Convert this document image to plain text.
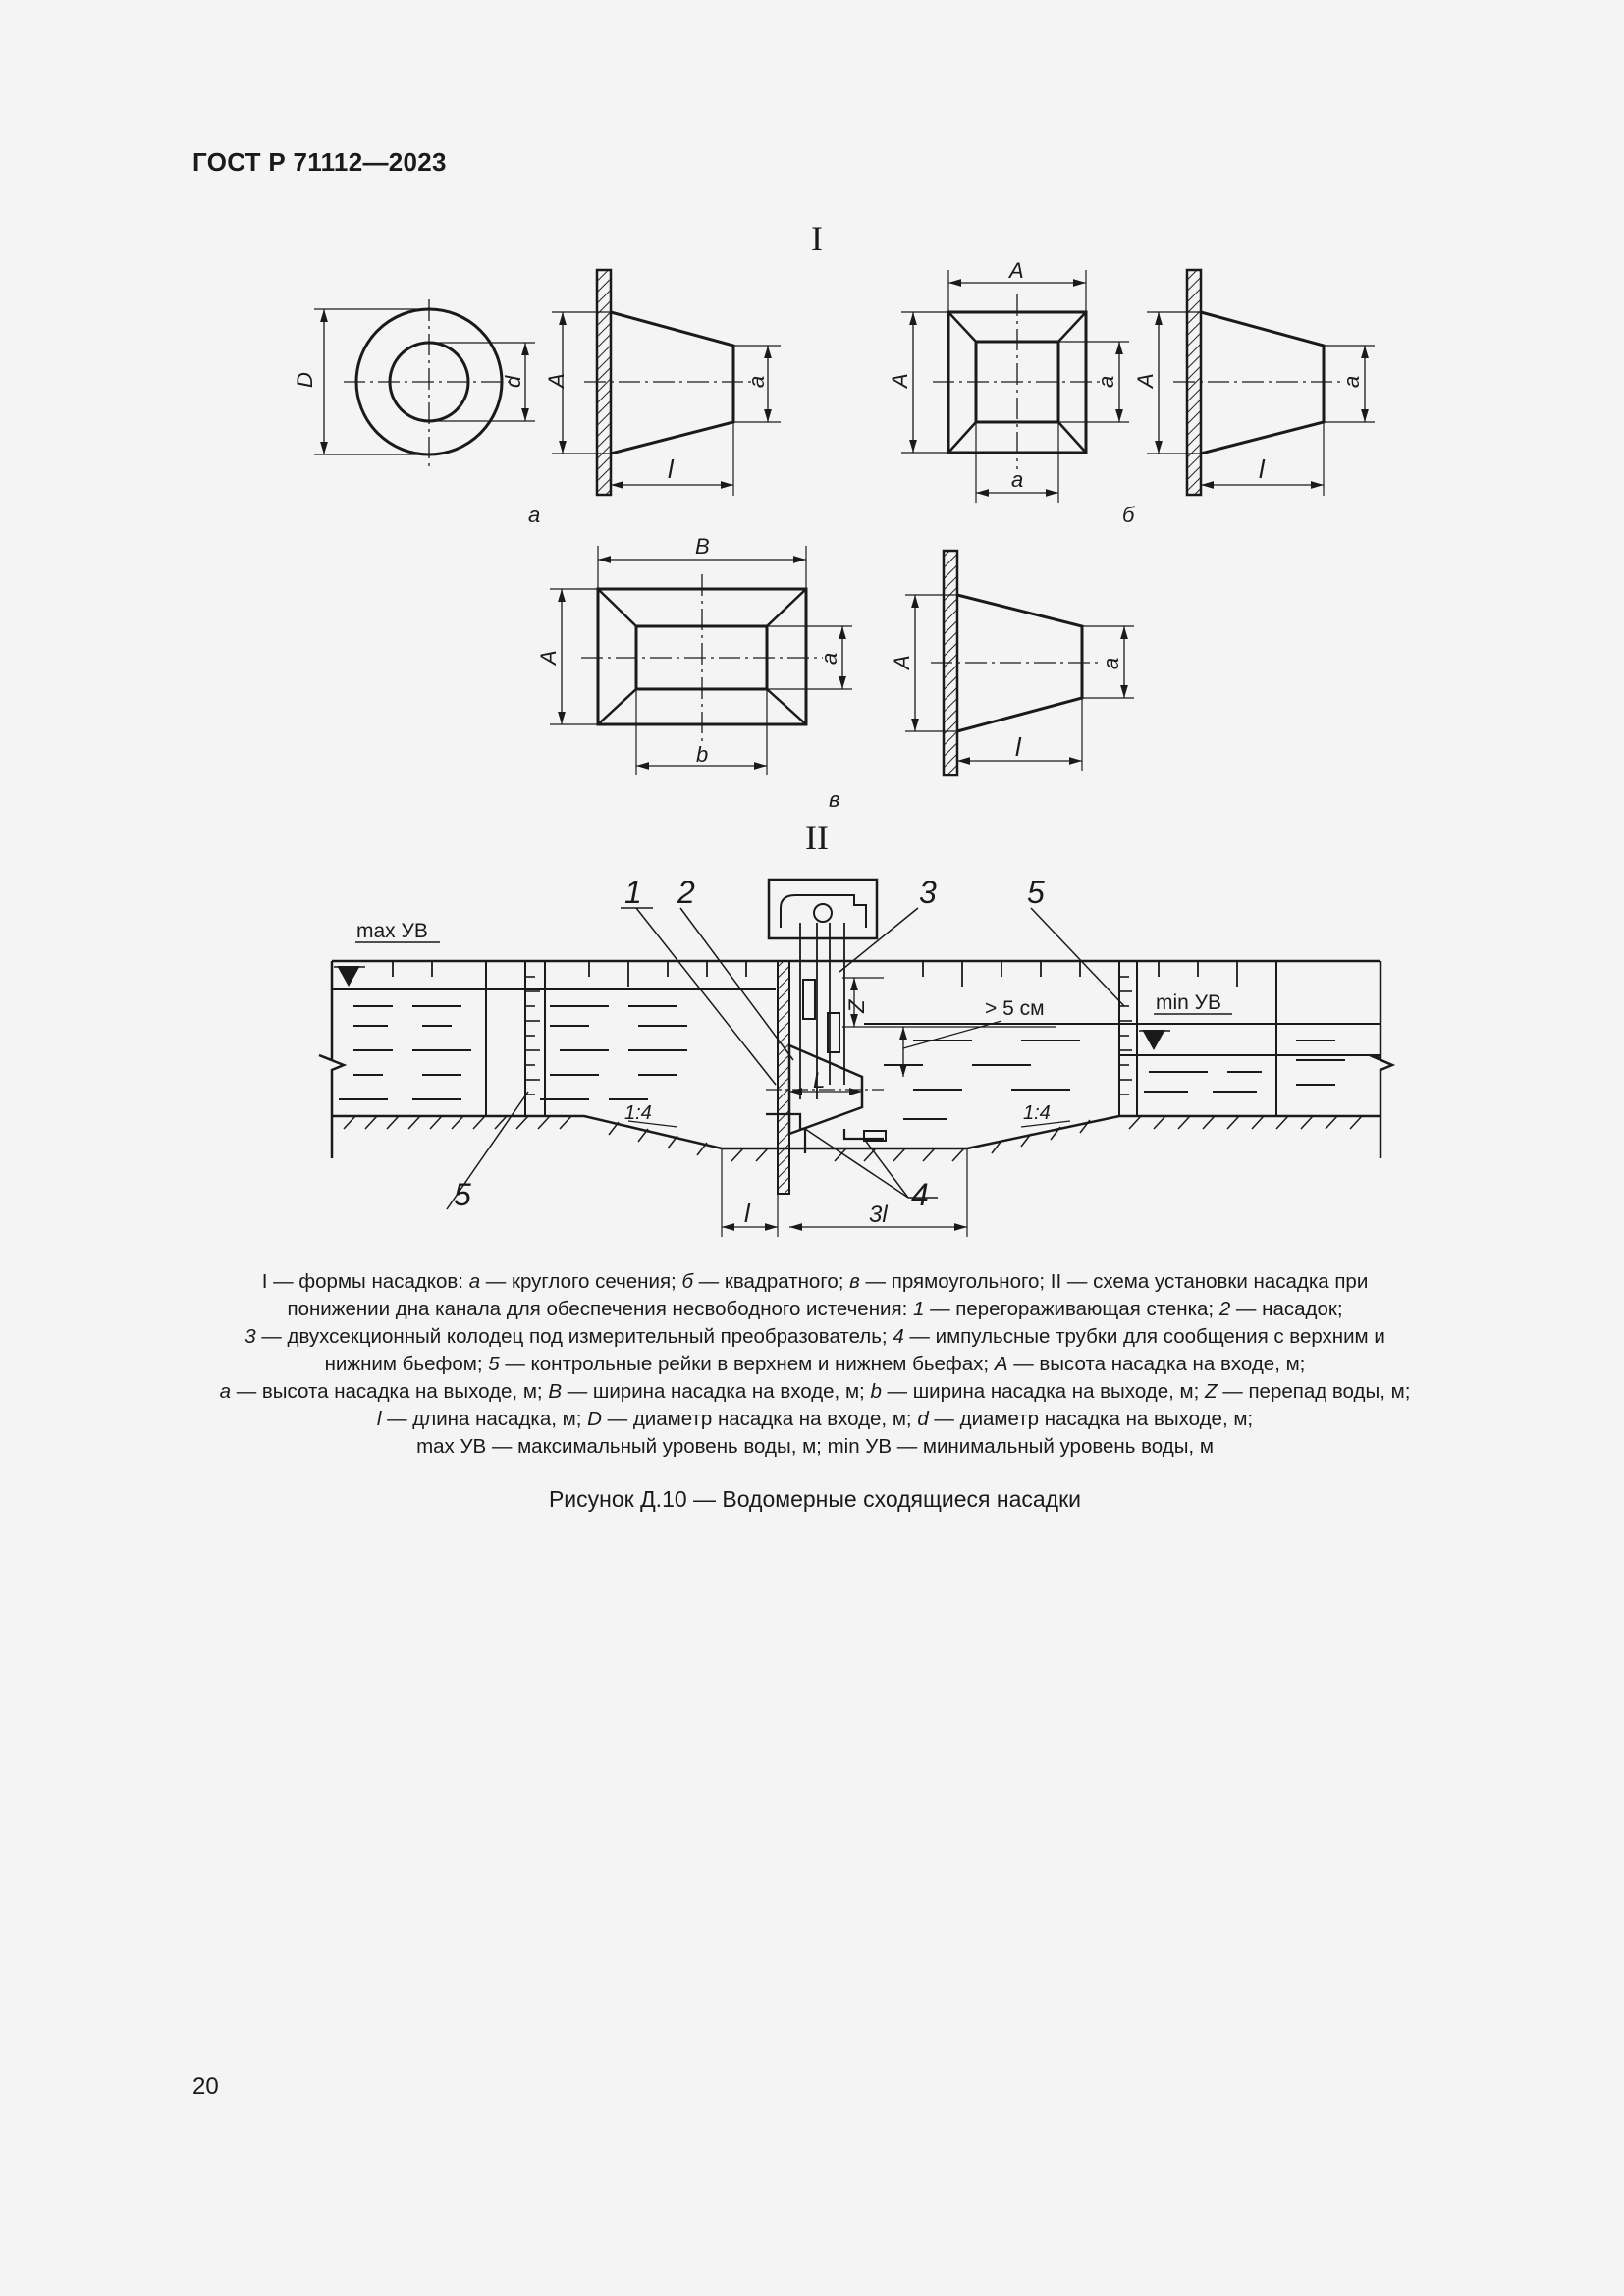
ГОСТ Р 71112—2023
I
II
D	d A	a
l
а
A
A	a
a
A	a
l
б
B
A	a
b
A	a
l
в
L
Z
l	3l
1:4	1:4
max УВ
min УВ
> 5 см
1 2	3	5
5	4
I — формы насадков: а — круглого сечения; б — квадратного; в — прямоугольного; II — схема установки насадка при
понижении дна канала для обеспечения несвободного истечения: 1 — перегораживающая стенка; 2 — насадок;
3 — двухсекционный колодец под измерительный преобразователь; 4 — импульсные трубки для сообщения с верхним и
нижним бьефом; 5 — контрольные рейки в верхнем и нижнем бьефах; A — высота насадка на входе, м;
a — высота насадка на выходе, м; B — ширина насадка на входе, м; b — ширина насадка на выходе, м; Z — перепад воды, м;
l — длина насадка, м; D — диаметр насадка на входе, м; d — диаметр насадка на выходе, м;
max УВ — максимальный уровень воды, м; min УВ — минимальный уровень воды, м
Рисунок Д.10 — Водомерные сходящиеся насадки
20
